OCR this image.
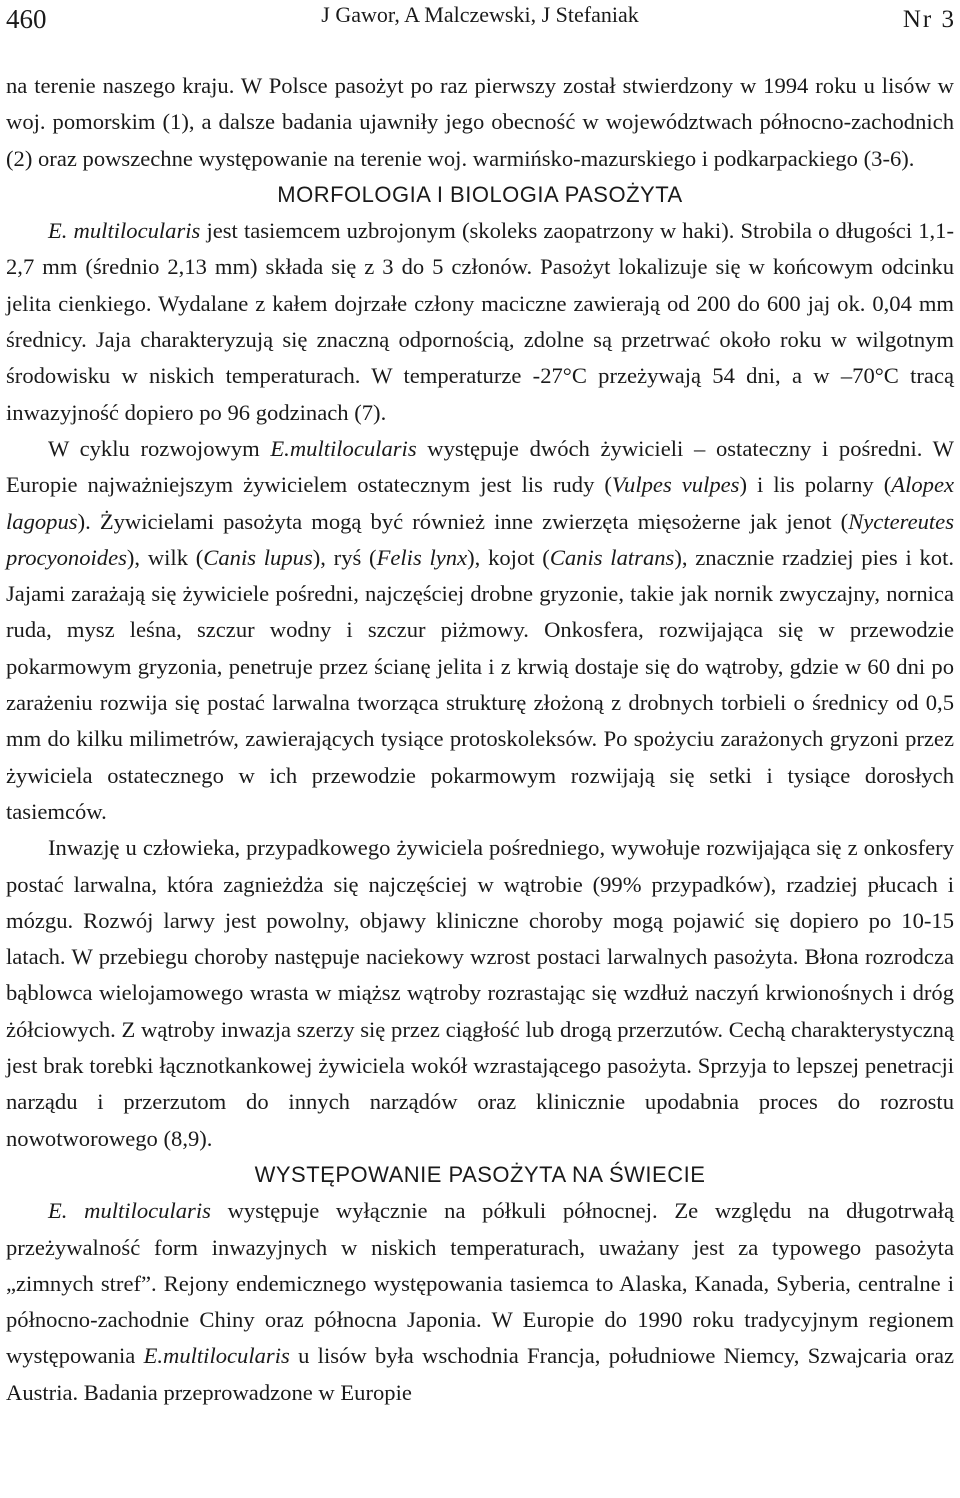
460	J Gawor, A Malczewski, J Stefaniak	Nr 3

na terenie naszego kraju. W Polsce pasożyt po raz pierwszy został stwierdzony w 1994 roku u lisów w woj. pomorskim (1), a dalsze badania ujawniły jego obecność w województwach północno-zachodnich (2) oraz powszechne występowanie na terenie woj. warmińsko-mazurskiego i podkarpackiego (3-6).

MORFOLOGIA I BIOLOGIA PASOŻYTA

E. multilocularis jest tasiemcem uzbrojonym (skoleks zaopatrzony w haki). Strobila o długości 1,1-2,7 mm (średnio 2,13 mm) składa się z 3 do 5 członów. Pasożyt lokalizuje się w końcowym odcinku jelita cienkiego. Wydalane z kałem dojrzałe człony maciczne zawierają od 200 do 600 jaj ok. 0,04 mm średnicy. Jaja charakteryzują się znaczną odpornością, zdolne są przetrwać około roku w wilgotnym środowisku w niskich temperaturach. W temperaturze -27°C przeżywają 54 dni, a w –70°C tracą inwazyjność dopiero po 96 godzinach (7).

W cyklu rozwojowym E.multilocularis występuje dwóch żywicieli – ostateczny i pośredni. W Europie najważniejszym żywicielem ostatecznym jest lis rudy (Vulpes vulpes) i lis polarny (Alopex lagopus). Żywicielami pasożyta mogą być również inne zwierzęta mięsożerne jak jenot (Nyctereutes procyonoides), wilk (Canis lupus), ryś (Felis lynx), kojot (Canis latrans), znacznie rzadziej pies i kot. Jajami zarażają się żywiciele pośredni, najczęściej drobne gryzonie, takie jak nornik zwyczajny, nornica ruda, mysz leśna, szczur wodny i szczur piżmowy. Onkosfera, rozwijająca się w przewodzie pokarmowym gryzonia, penetruje przez ścianę jelita i z krwią dostaje się do wątroby, gdzie w 60 dni po zarażeniu rozwija się postać larwalna tworząca strukturę złożoną z drobnych torbieli o średnicy od 0,5 mm do kilku milimetrów, zawierających tysiące protoskoleksów. Po spożyciu zarażonych gryzoni przez żywiciela ostatecznego w ich przewodzie pokarmowym rozwijają się setki i tysiące dorosłych tasiemców.

Inwazję u człowieka, przypadkowego żywiciela pośredniego, wywołuje rozwijająca się z onkosfery postać larwalna, która zagnieżdża się najczęściej w wątrobie (99% przypadków), rzadziej płucach i mózgu. Rozwój larwy jest powolny, objawy kliniczne choroby mogą pojawić się dopiero po 10-15 latach. W przebiegu choroby następuje naciekowy wzrost postaci larwalnych pasożyta. Błona rozrodcza bąblowca wielojamowego wrasta w miąższ wątroby rozrastając się wzdłuż naczyń krwionośnych i dróg żółciowych. Z wątroby inwazja szerzy się przez ciągłość lub drogą przerzutów. Cechą charakterystyczną jest brak torebki łącznotkankowej żywiciela wokół wzrastającego pasożyta. Sprzyja to lepszej penetracji narządu i przerzutom do innych narządów oraz klinicznie upodabnia proces do rozrostu nowotworowego (8,9).

WYSTĘPOWANIE PASOŻYTA NA ŚWIECIE

E. multilocularis występuje wyłącznie na półkuli północnej. Ze względu na długotrwałą przeżywalność form inwazyjnych w niskich temperaturach, uważany jest za typowego pasożyta „zimnych stref”. Rejony endemicznego występowania tasiemca to Alaska, Kanada, Syberia, centralne i północno-zachodnie Chiny oraz północna Japonia. W Europie do 1990 roku tradycyjnym regionem występowania E.multilocularis u lisów była wschodnia Francja, południowe Niemcy, Szwajcaria oraz Austria. Badania przeprowadzone w Europie
